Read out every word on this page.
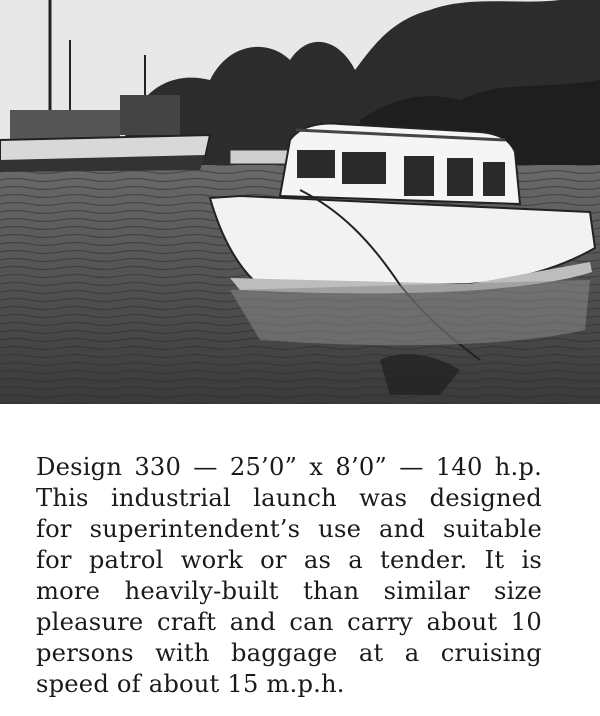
Design 330 — 25’0” x 8’0” — 140 h.p.
This industrial launch was designed
for superintendent’s use and suitable
for patrol work or as a tender. It is
more heavily-built than similar size
pleasure craft and can carry about 10
persons with baggage at a cruising
speed of about 15 m.p.h.
